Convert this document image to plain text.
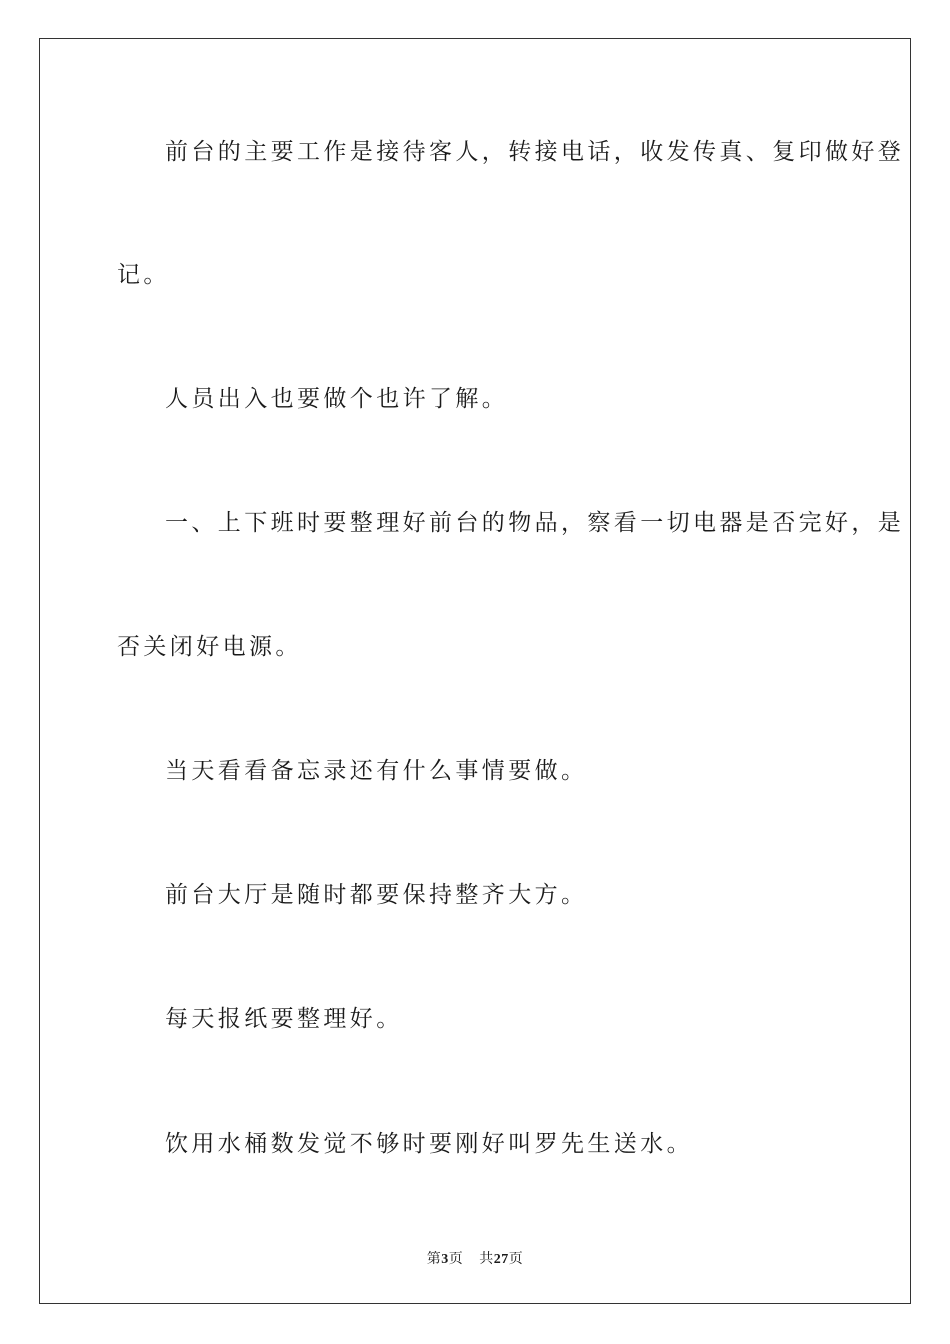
前台的主要工作是接待客人，转接电话，收发传真、复印做好登
记。
人员出入也要做个也许了解。
一、上下班时要整理好前台的物品，察看一切电器是否完好，是
否关闭好电源。
当天看看备忘录还有什么事情要做。
前台大厅是随时都要保持整齐大方。
每天报纸要整理好。
饮用水桶数发觉不够时要刚好叫罗先生送水。
第3页 共27页
